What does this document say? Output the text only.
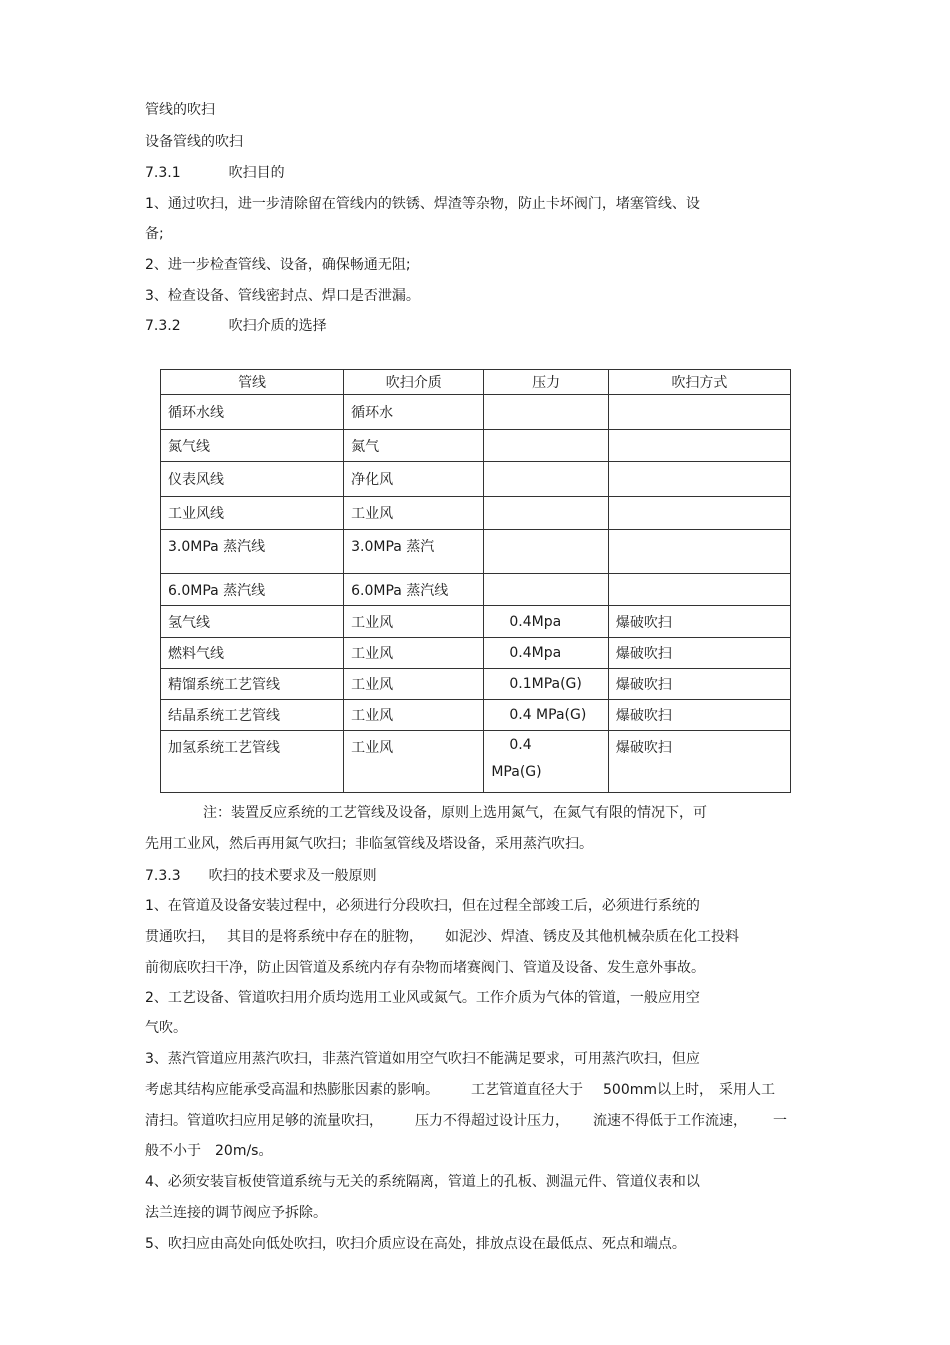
管线的吹扫
设备管线的吹扫
7.3.1	吹扫目的
1、通过吹扫，进一步清除留在管线内的铁锈、焊渣等杂物，防止卡坏阀门，堵塞管线、设
备;
2、进一步检查管线、设备，确保畅通无阻;
3、检查设备、管线密封点、焊口是否泄漏。
7.3.2	吹扫介质的选择
管线	吹扫介质	压力	吹扫方式
循环水线	循环水		
氮气线	氮气		
仪表风线	净化风		
工业风线	工业风		
3.0MPa 蒸汽线	3.0MPa 蒸汽		
6.0MPa 蒸汽线	6.0MPa 蒸汽线		
氢气线	工业风	0.4Mpa	爆破吹扫
燃料气线	工业风	0.4Mpa	爆破吹扫
精馏系统工艺管线	工业风	0.1MPa(G)	爆破吹扫
结晶系统工艺管线	工业风	0.4 MPa(G)	爆破吹扫
加氢系统工艺管线	工业风	0.4
MPa(G)	爆破吹扫
注：装置反应系统的工艺管线及设备，原则上选用氮气，在氮气有限的情况下，可
先用工业风，然后再用氮气吹扫；非临氢管线及塔设备，采用蒸汽吹扫。
7.3.3 吹扫的技术要求及一般原则
1、在管道及设备安装过程中，必须进行分段吹扫，但在过程全部竣工后，必须进行系统的
贯通吹扫， 其目的是将系统中存在的脏物， 如泥沙、焊渣、锈皮及其他机械杂质在化工投料
前彻底吹扫干净，防止因管道及系统内存有杂物而堵赛阀门、管道及设备、发生意外事故。
2、工艺设备、管道吹扫用介质均选用工业风或氮气。工作介质为气体的管道，一般应用空
气吹。
3、蒸汽管道应用蒸汽吹扫，非蒸汽管道如用空气吹扫不能满足要求，可用蒸汽吹扫，但应
考虑其结构应能承受高温和热膨胀因素的影响。 工艺管道直径大于 500mm以上时， 采用人工
清扫。管道吹扫应用足够的流量吹扫， 压力不得超过设计压力， 流速不得低于工作流速， 一
般不小于 20m/s。
4、必须安装盲板使管道系统与无关的系统隔离，管道上的孔板、测温元件、管道仪表和以
法兰连接的调节阀应予拆除。
5、吹扫应由高处向低处吹扫，吹扫介质应设在高处，排放点设在最低点、死点和端点。
